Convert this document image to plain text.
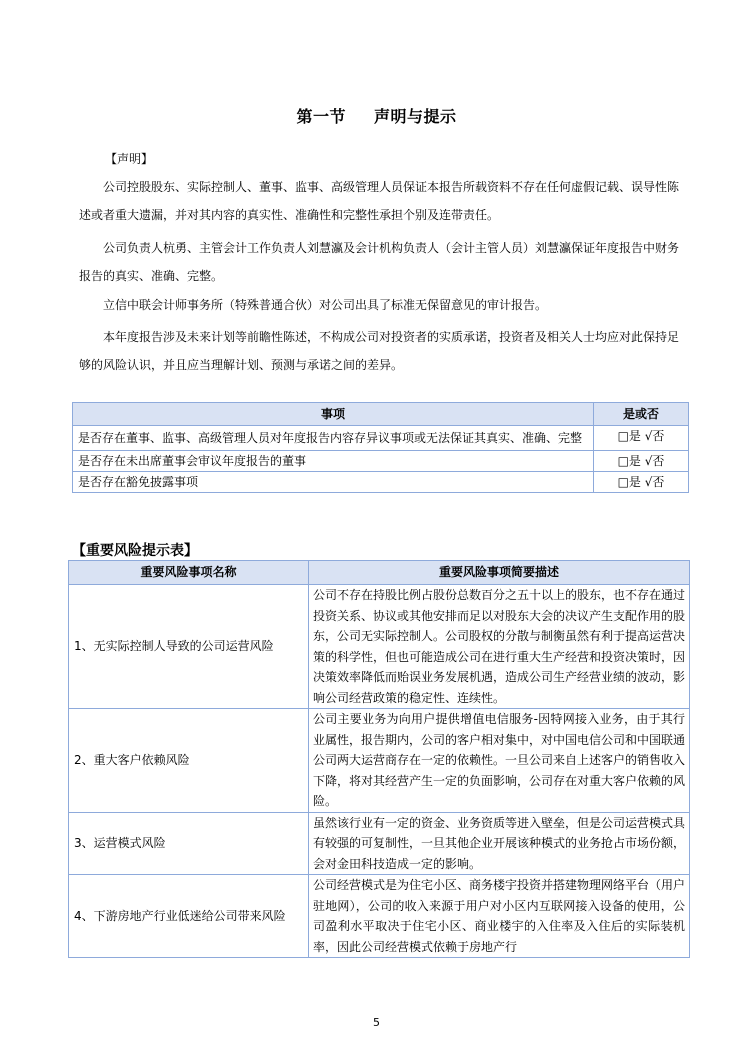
第一节 声明与提示

【声明】

公司控股股东、实际控制人、董事、监事、高级管理人员保证本报告所载资料不存在任何虚假记载、误导性陈述或者重大遗漏，并对其内容的真实性、准确性和完整性承担个别及连带责任。

公司负责人杭勇、主管会计工作负责人刘慧瀛及会计机构负责人（会计主管人员）刘慧瀛保证年度报告中财务报告的真实、准确、完整。

立信中联会计师事务所（特殊普通合伙）对公司出具了标准无保留意见的审计报告。

本年度报告涉及未来计划等前瞻性陈述，不构成公司对投资者的实质承诺，投资者及相关人士均应对此保持足够的风险认识，并且应当理解计划、预测与承诺之间的差异。

事项	是或否
是否存在董事、监事、高级管理人员对年度报告内容存异议事项或无法保证其真实、准确、完整	□是 √否
是否存在未出席董事会审议年度报告的董事	□是 √否
是否存在豁免披露事项	□是 √否
【重要风险提示表】
重要风险事项名称	重要风险事项简要描述
1、无实际控制人导致的公司运营风险	公司不存在持股比例占股份总数百分之五十以上的股东，也不存在通过投资关系、协议或其他安排而足以对股东大会的决议产生支配作用的股东，公司无实际控制人。公司股权的分散与制衡虽然有利于提高运营决策的科学性，但也可能造成公司在进行重大生产经营和投资决策时，因决策效率降低而贻误业务发展机遇，造成公司生产经营业绩的波动，影响公司经营政策的稳定性、连续性。
2、重大客户依赖风险	公司主要业务为向用户提供增值电信服务-因特网接入业务，由于其行业属性，报告期内，公司的客户相对集中，对中国电信公司和中国联通公司两大运营商存在一定的依赖性。一旦公司来自上述客户的销售收入下降，将对其经营产生一定的负面影响，公司存在对重大客户依赖的风险。
3、运营模式风险	虽然该行业有一定的资金、业务资质等进入壁垒，但是公司运营模式具有较强的可复制性，一旦其他企业开展该种模式的业务抢占市场份额，会对金田科技造成一定的影响。
4、下游房地产行业低迷给公司带来风险	公司经营模式是为住宅小区、商务楼宇投资并搭建物理网络平台（用户驻地网），公司的收入来源于用户对小区内互联网接入设备的使用，公司盈利水平取决于住宅小区、商业楼宇的入住率及入住后的实际装机率，因此公司经营模式依赖于房地产行
5
